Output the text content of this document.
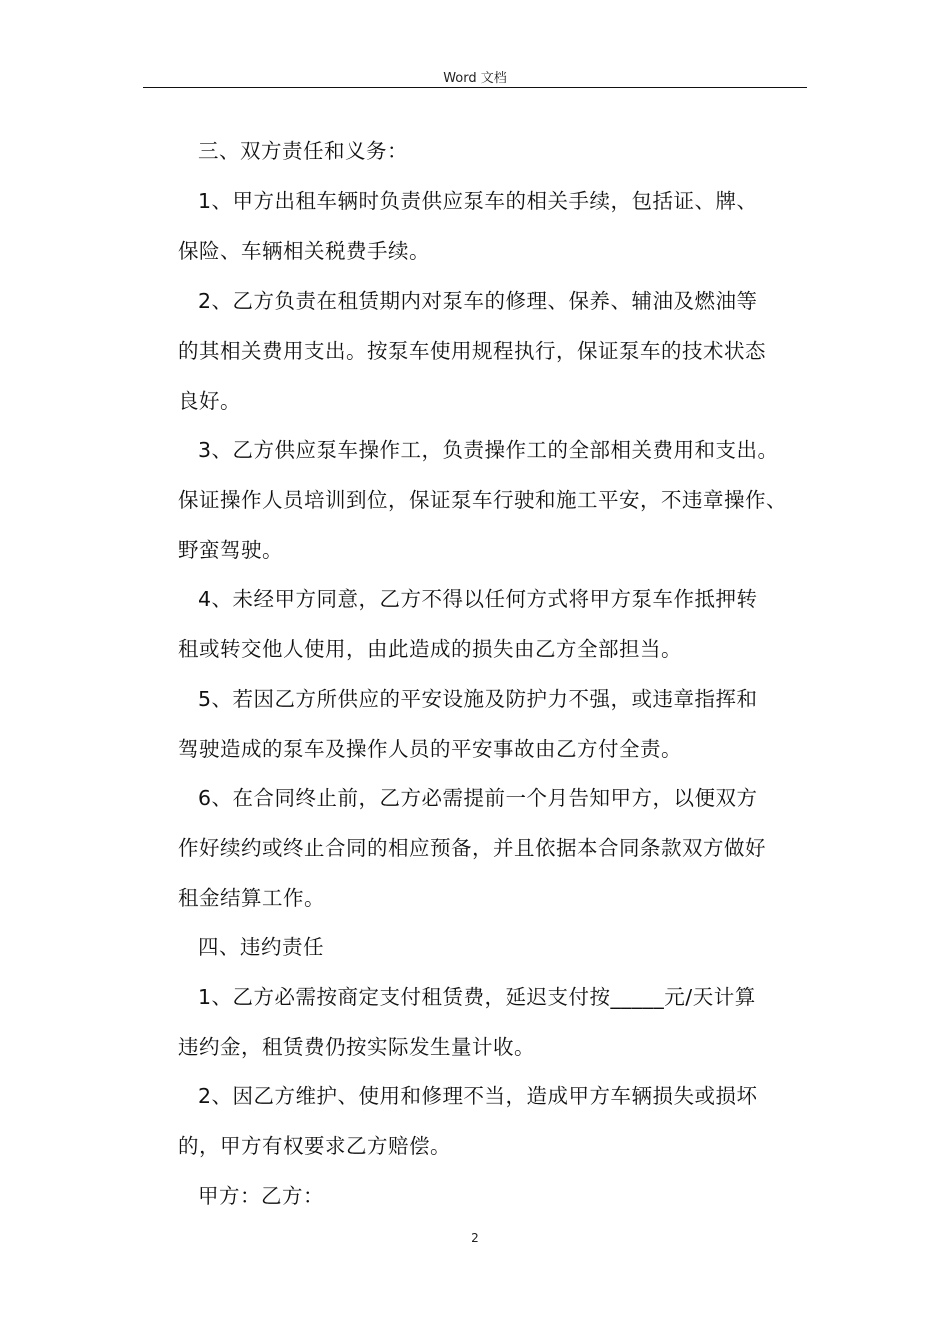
Word 文档
三、双方责任和义务：
1、甲方出租车辆时负责供应泵车的相关手续，包括证、牌、
保险、车辆相关税费手续。
2、乙方负责在租赁期内对泵车的修理、保养、辅油及燃油等
的其相关费用支出。按泵车使用规程执行，保证泵车的技术状态
良好。
3、乙方供应泵车操作工，负责操作工的全部相关费用和支出。
保证操作人员培训到位，保证泵车行驶和施工平安，不违章操作、
野蛮驾驶。
4、未经甲方同意，乙方不得以任何方式将甲方泵车作抵押转
租或转交他人使用，由此造成的损失由乙方全部担当。
5、若因乙方所供应的平安设施及防护力不强，或违章指挥和
驾驶造成的泵车及操作人员的平安事故由乙方付全责。
6、在合同终止前，乙方必需提前一个月告知甲方，以便双方
作好续约或终止合同的相应预备，并且依据本合同条款双方做好
租金结算工作。
四、违约责任
1、乙方必需按商定支付租赁费，延迟支付按_____元/天计算
违约金，租赁费仍按实际发生量计收。
2、因乙方维护、使用和修理不当，造成甲方车辆损失或损坏
的，甲方有权要求乙方赔偿。
甲方：乙方：
2
